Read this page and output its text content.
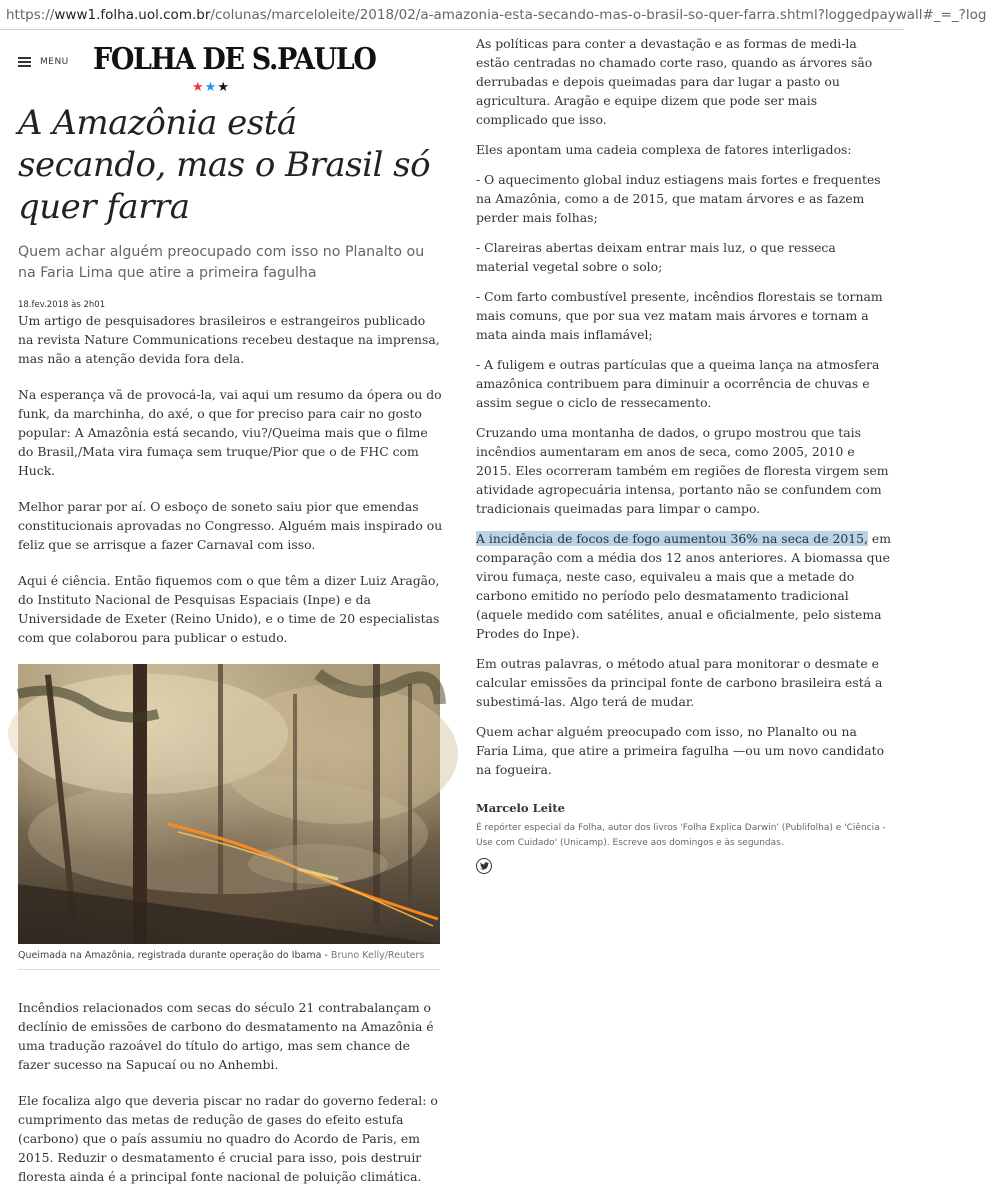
https://www1.folha.uol.com.br/colunas/marceloleite/2018/02/a-amazonia-esta-secando-mas-o-brasil-so-quer-farra.shtml?loggedpaywall#_=_?log
MENU FOLHA DE S.PAULO
★★★
A Amazônia está secando, mas o Brasil só quer farra

Quem achar alguém preocupado com isso no Planalto ou na Faria Lima que atire a primeira fagulha

18.fev.2018 às 2h01

Um artigo de pesquisadores brasileiros e estrangeiros publicado na revista Nature Communications recebeu destaque na imprensa, mas não a atenção devida fora dela.

Na esperança vã de provocá-la, vai aqui um resumo da ópera ou do funk, da marchinha, do axé, o que for preciso para cair no gosto popular: A Amazônia está secando, viu?/Queima mais que o filme do Brasil,/Mata vira fumaça sem truque/Pior que o de FHC com Huck.

Melhor parar por aí. O esboço de soneto saiu pior que emendas constitucionais aprovadas no Congresso. Alguém mais inspirado ou feliz que se arrisque a fazer Carnaval com isso.

Aqui é ciência. Então fiquemos com o que têm a dizer Luiz Aragão, do Instituto Nacional de Pesquisas Espaciais (Inpe) e da Universidade de Exeter (Reino Unido), e o time de 20 especialistas com que colaborou para publicar o estudo.

Queimada na Amazônia, registrada durante operação do Ibama - Bruno Kelly/Reuters

Incêndios relacionados com secas do século 21 contrabalançam o declínio de emissões de carbono do desmatamento na Amazônia é uma tradução razoável do título do artigo, mas sem chance de fazer sucesso na Sapucaí ou no Anhembi.

Ele focaliza algo que deveria piscar no radar do governo federal: o cumprimento das metas de redução de gases do efeito estufa (carbono) que o país assumiu no quadro do Acordo de Paris, em 2015. Reduzir o desmatamento é crucial para isso, pois destruir floresta ainda é a principal fonte nacional de poluição climática.

As políticas para conter a devastação e as formas de medi-la estão centradas no chamado corte raso, quando as árvores são derrubadas e depois queimadas para dar lugar a pasto ou agricultura. Aragão e equipe dizem que pode ser mais complicado que isso.

Eles apontam uma cadeia complexa de fatores interligados:

- O aquecimento global induz estiagens mais fortes e frequentes na Amazônia, como a de 2015, que matam árvores e as fazem perder mais folhas;

- Clareiras abertas deixam entrar mais luz, o que resseca material vegetal sobre o solo;

- Com farto combustível presente, incêndios florestais se tornam mais comuns, que por sua vez matam mais árvores e tornam a mata ainda mais inflamável;

- A fuligem e outras partículas que a queima lança na atmosfera amazônica contribuem para diminuir a ocorrência de chuvas e assim segue o ciclo de ressecamento.

Cruzando uma montanha de dados, o grupo mostrou que tais incêndios aumentaram em anos de seca, como 2005, 2010 e 2015. Eles ocorreram também em regiões de floresta virgem sem atividade agropecuária intensa, portanto não se confundem com tradicionais queimadas para limpar o campo.

A incidência de focos de fogo aumentou 36% na seca de 2015, em comparação com a média dos 12 anos anteriores. A biomassa que virou fumaça, neste caso, equivaleu a mais que a metade do carbono emitido no período pelo desmatamento tradicional (aquele medido com satélites, anual e oficialmente, pelo sistema Prodes do Inpe).

Em outras palavras, o método atual para monitorar o desmate e calcular emissões da principal fonte de carbono brasileira está a subestimá-las. Algo terá de mudar.

Quem achar alguém preocupado com isso, no Planalto ou na Faria Lima, que atire a primeira fagulha —ou um novo candidato na fogueira.

Marcelo Leite

É repórter especial da Folha, autor dos livros 'Folha Explica Darwin' (Publifolha) e 'Ciência - Use com Cuidado' (Unicamp). Escreve aos domingos e às segundas.
